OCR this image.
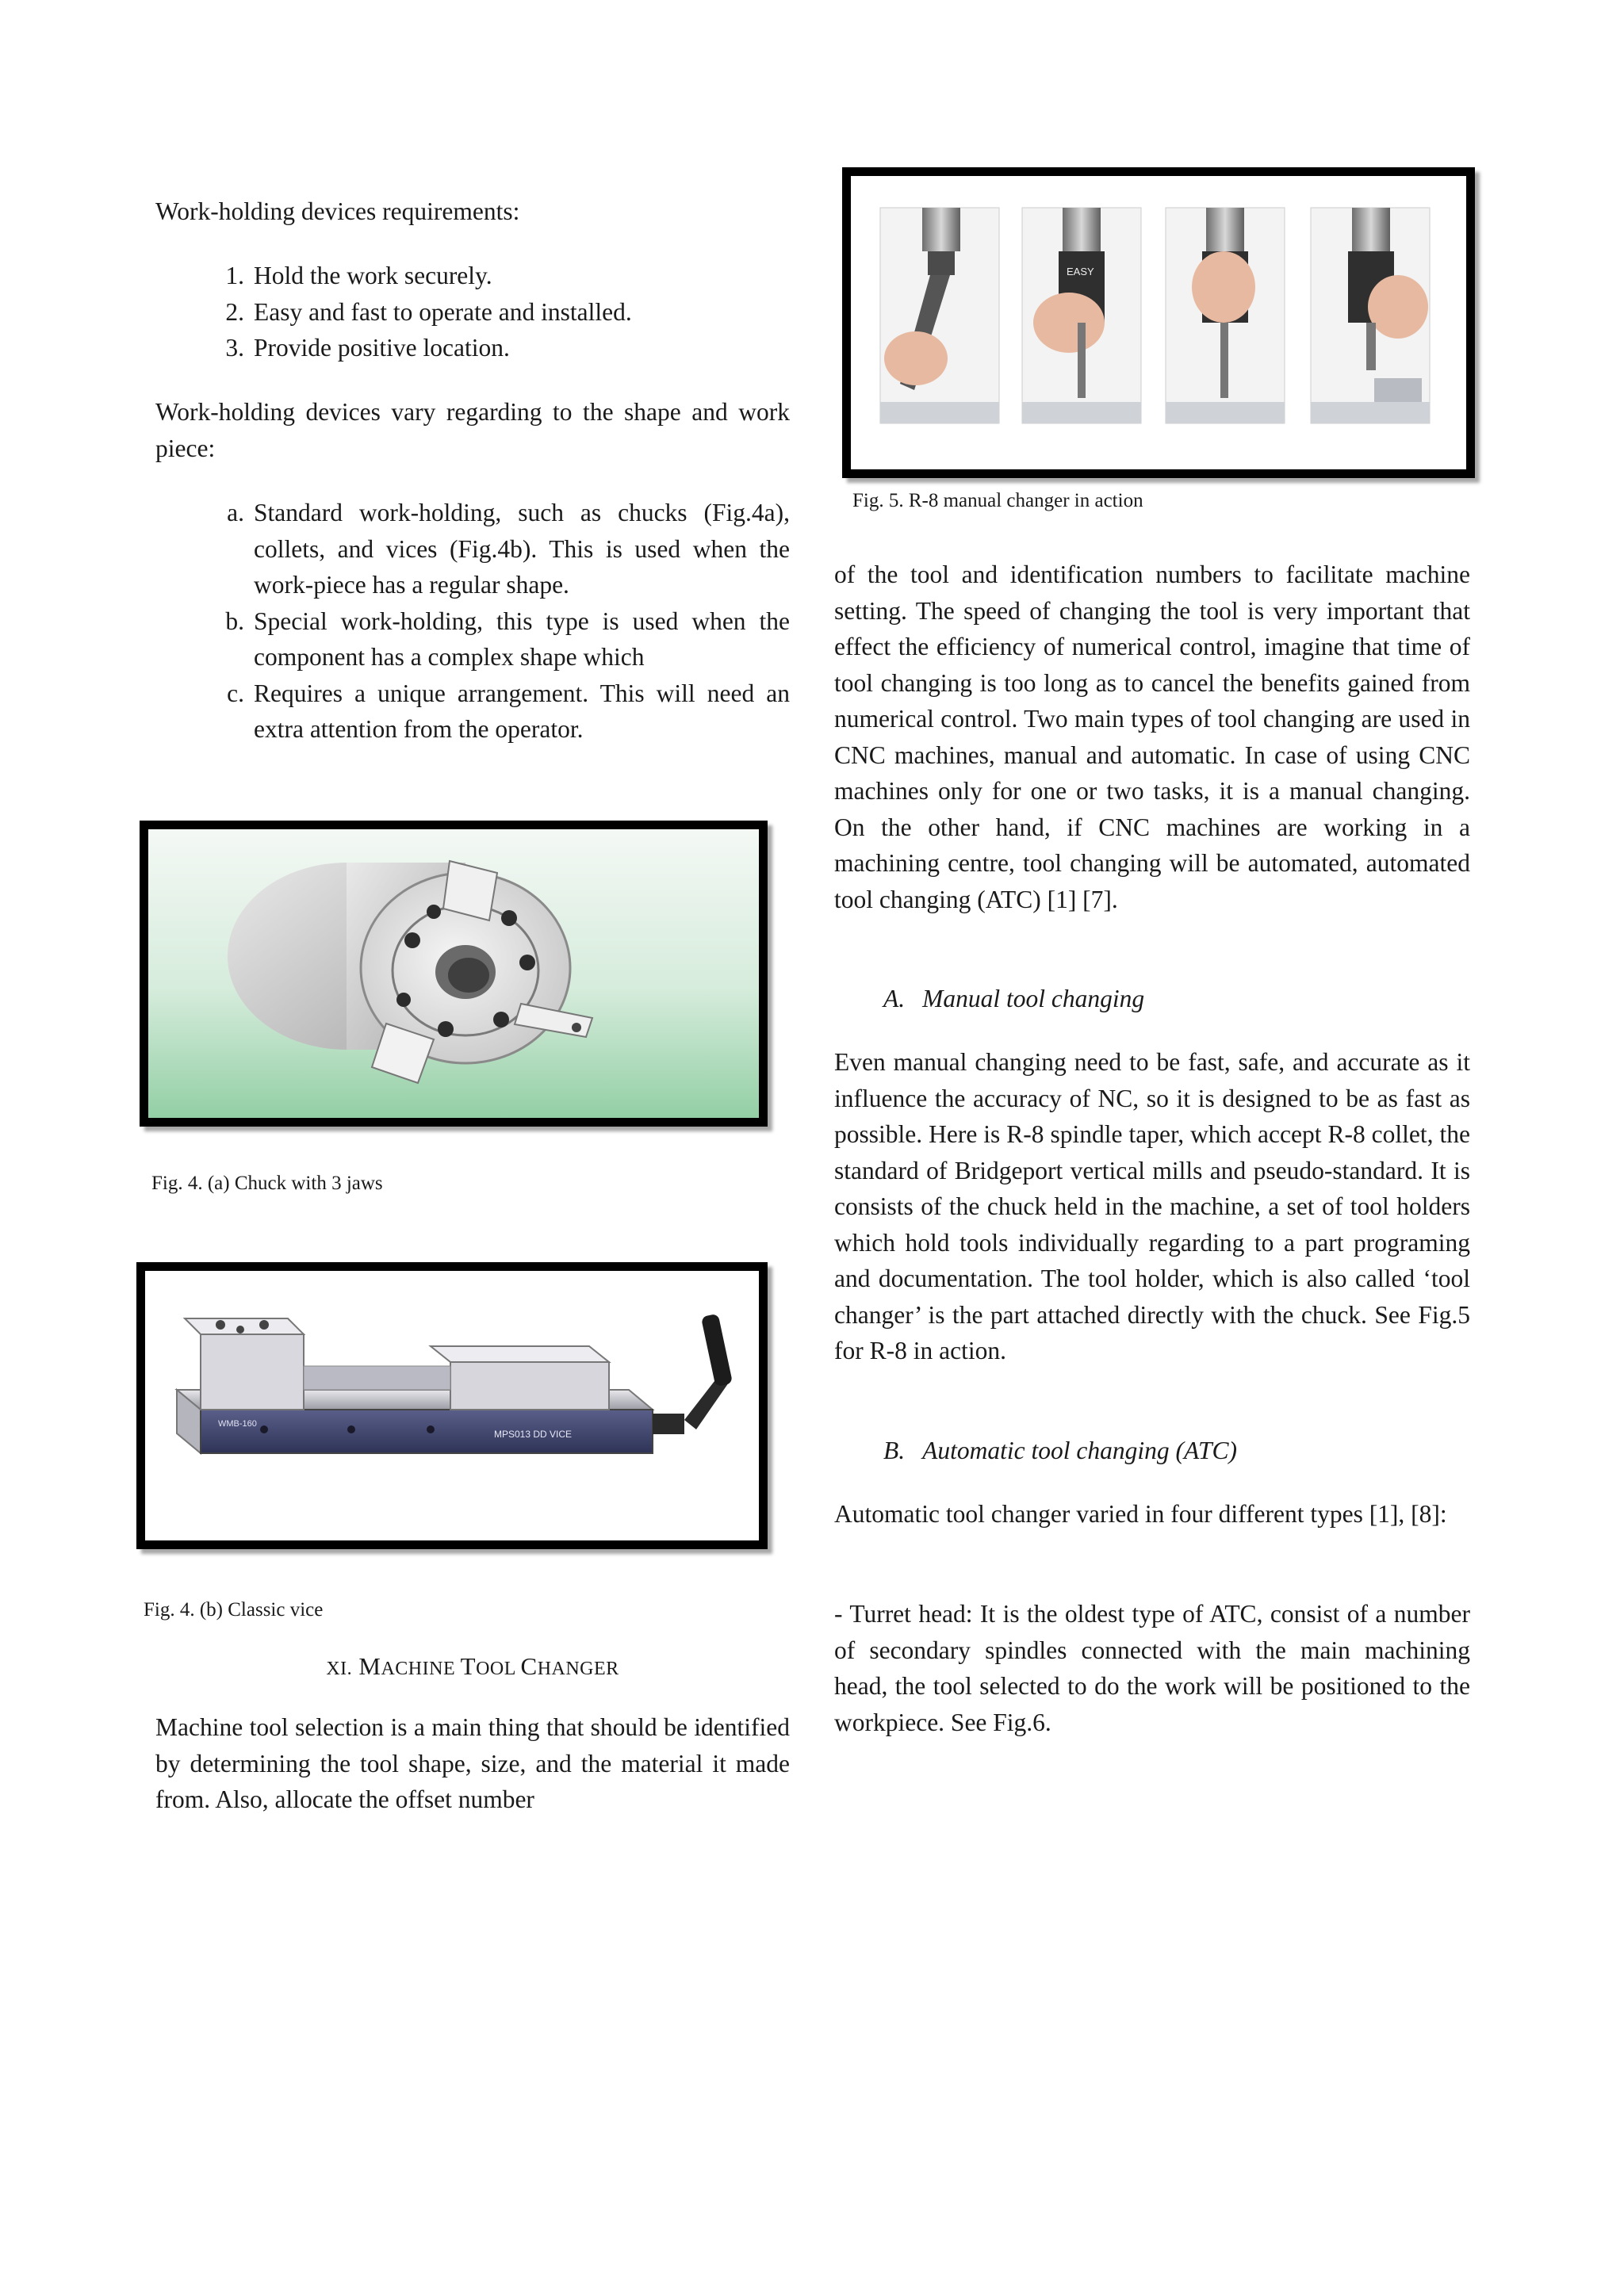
Work-holding devices requirements:

1. Hold the work securely.
2. Easy and fast to operate and installed.
3. Provide positive location.

Work-holding devices vary regarding to the shape and work piece:

a. Standard work-holding, such as chucks (Fig.4a), collets, and vices (Fig.4b). This is used when the work-piece has a regular shape.
b. Special work-holding, this type is used when the component has a complex shape which
c. Requires a unique arrangement. This will need an extra attention from the operator.
Fig. 4. (a) Chuck with 3 jaws
WMB-160
MPS013 DD VICE
Fig. 4. (b) Classic vice
XI. MACHINE TOOL CHANGER

Machine tool selection is a main thing that should be identified by determining the tool shape, size, and the material it made from. Also, allocate the offset number

EASY
Fig. 5. R-8 manual changer in action

of the tool and identification numbers to facilitate machine setting. The speed of changing the tool is very important that effect the efficiency of numerical control, imagine that time of tool changing is too long as to cancel the benefits gained from numerical control. Two main types of tool changing are used in CNC machines, manual and automatic. In case of using CNC machines only for one or two tasks, it is a manual changing. On the other hand, if CNC machines are working in a machining centre, tool changing will be automated, automated tool changing (ATC) [1] [7].

A. Manual tool changing

Even manual changing need to be fast, safe, and accurate as it influence the accuracy of NC, so it is designed to be as fast as possible. Here is R-8 spindle taper, which accept R-8 collet, the standard of Bridgeport vertical mills and pseudo-standard. It is consists of the chuck held in the machine, a set of tool holders which hold tools individually regarding to a part programing and documentation. The tool holder, which is also called ‘tool changer’ is the part attached directly with the chuck. See Fig.5 for R-8 in action.

B. Automatic tool changing (ATC)

Automatic tool changer varied in four different types [1], [8]:

- Turret head: It is the oldest type of ATC, consist of a number of secondary spindles connected with the main machining head, the tool selected to do the work will be positioned to the workpiece. See Fig.6.
